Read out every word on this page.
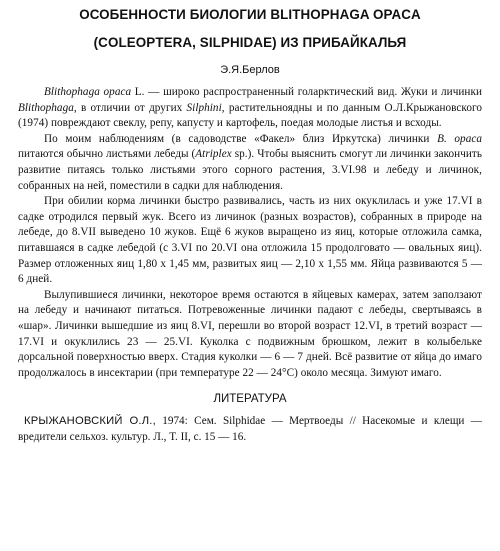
ОСОБЕННОСТИ БИОЛОГИИ BLITHOPHAGA OPACA
(COLEOPTERA, SILPHIDAE) ИЗ ПРИБАЙКАЛЬЯ
Э.Я.Берлов

Blithophaga opaca L. — широко распространенный голарктический вид. Жуки и личинки Blithophaga, в отличии от других Silphini, растительноядны и по данным О.Л.Крыжановского (1974) повреждают свеклу, репу, капусту и картофель, поедая молодые листья и всходы.

По моим наблюдениям (в садоводстве «Факел» близ Иркутска) личинки B. opaca питаются обычно листьями лебеды (Atriplex sp.). Чтобы выяснить смогут ли личинки закончить развитие питаясь только листьями этого сорного растения, 3.VI.98 и лебеду и личинок, собранных на ней, поместили в садки для наблюдения.

При обилии корма личинки быстро развивались, часть из них окуклилась и уже 17.VI в садке отродился первый жук. Всего из личинок (разных возрастов), собранных в природе на лебеде, до 8.VII выведено 10 жуков. Ещё 6 жуков выращено из яиц, которые отложила самка, питавшаяся в садке лебедой (с 3.VI по 20.VI она отложила 15 продолговато — овальных яиц). Размер отложенных яиц 1,80 х 1,45 мм, развитых яиц — 2,10 х 1,55 мм. Яйца развиваются 5 — 6 дней.

Вылупившиеся личинки, некоторое время остаются в яйцевых камерах, затем заползают на лебеду и начинают питаться. Потревоженные личинки падают с лебеды, свертываясь в «шар». Личинки вышедшие из яиц 8.VI, перешли во второй возраст 12.VI, в третий возраст — 17.VI и окуклились 23 — 25.VI. Куколка с подвижным брюшком, лежит в колыбельке дорсальной поверхностью вверх. Стадия куколки — 6 — 7 дней. Всё развитие от яйца до имаго продолжалось в инсектарии (при температуре 22 — 24°С) около месяца. Зимуют имаго.

ЛИТЕРАТУРА

КРЫЖАНОВСКИЙ О.Л., 1974: Сем. Silphidae — Мертвоеды // Насекомые и клещи — вредители сельхоз. культур. Л., Т. II, с. 15 — 16.
